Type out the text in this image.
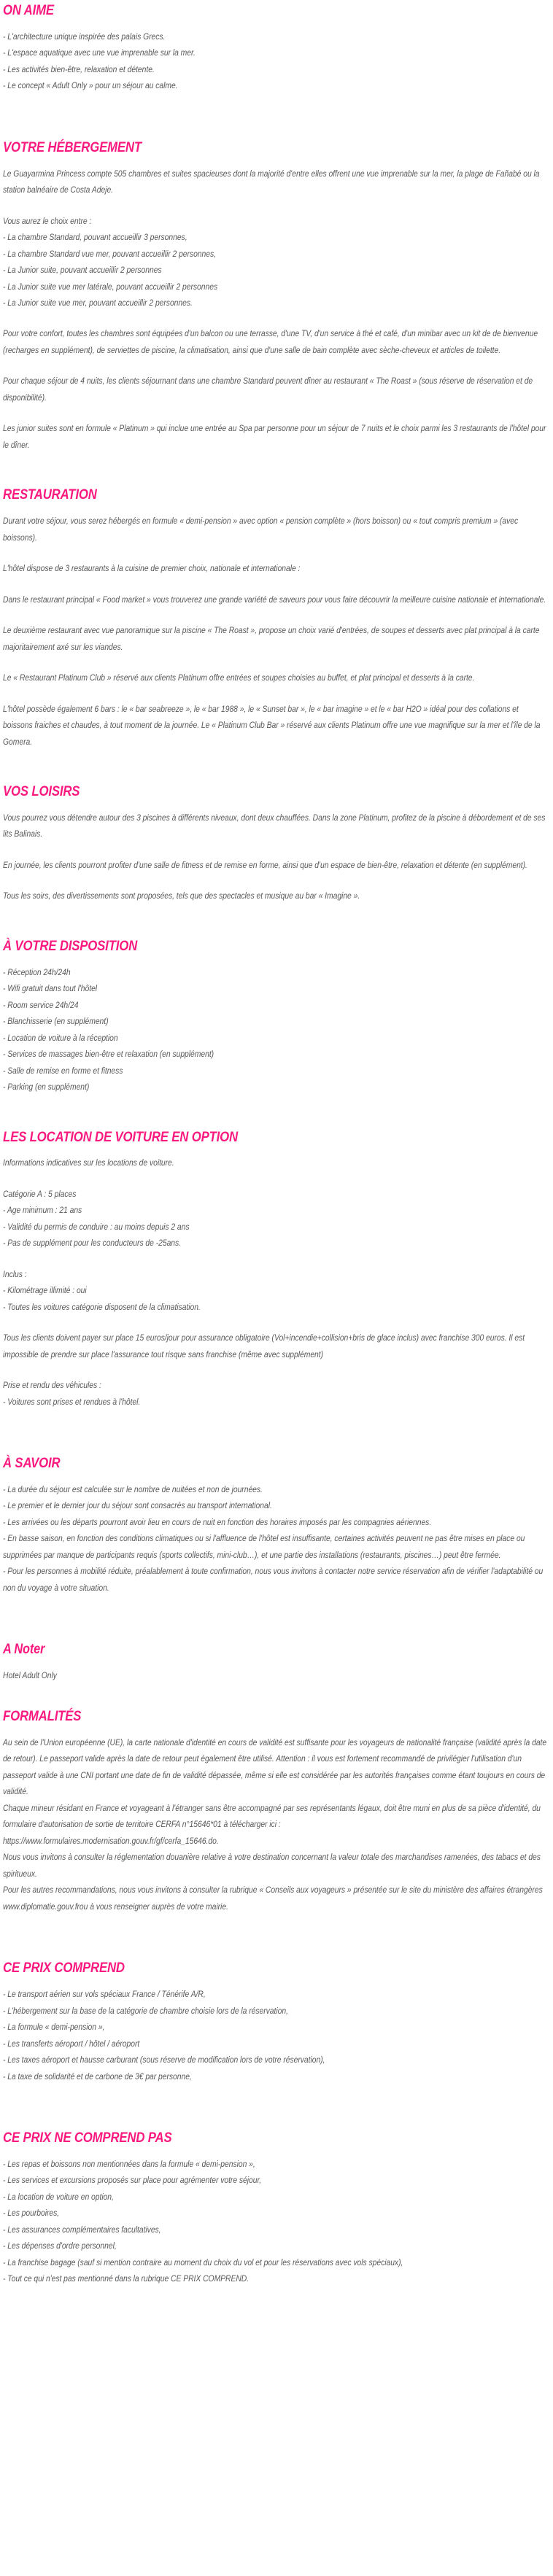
ON AIME
- L'architecture unique inspirée des palais Grecs.
- L'espace aquatique avec une vue imprenable sur la mer.
- Les activités bien-être, relaxation et détente.
- Le concept « Adult Only » pour un séjour au calme.
VOTRE HÉBERGEMENT

Le Guayarmina Princess compte 505 chambres et suites spacieuses dont la majorité d'entre elles offrent une vue imprenable sur la mer, la plage de Fañabé ou la station balnéaire de Costa Adeje.

Vous aurez le choix entre :

- La chambre Standard, pouvant accueillir 3 personnes,
- La chambre Standard vue mer, pouvant accueillir 2 personnes,
- La Junior suite, pouvant accueillir 2 personnes
- La Junior suite vue mer latérale, pouvant accueillir 2 personnes
- La Junior suite vue mer, pouvant accueillir 2 personnes.

Pour votre confort, toutes les chambres sont équipées d'un balcon ou une terrasse, d'une TV, d'un service à thé et café, d'un minibar avec un kit de de bienvenue (recharges en supplément), de serviettes de piscine, la climatisation, ainsi que d'une salle de bain complète avec sèche-cheveux et articles de toilette.

Pour chaque séjour de 4 nuits, les clients séjournant dans une chambre Standard peuvent dîner au restaurant « The Roast » (sous réserve de réservation et de disponibilité).

Les junior suites sont en formule « Platinum » qui inclue une entrée au Spa par personne pour un séjour de 7 nuits et le choix parmi les 3 restaurants de l'hôtel pour le dîner.

RESTAURATION

Durant votre séjour, vous serez hébergés en formule « demi-pension » avec option « pension complète » (hors boisson) ou « tout compris premium » (avec boissons).

L'hôtel dispose de 3 restaurants à la cuisine de premier choix, nationale et internationale :

Dans le restaurant principal « Food market » vous trouverez une grande variété de saveurs pour vous faire découvrir la meilleure cuisine nationale et internationale.

Le deuxième restaurant avec vue panoramique sur la piscine « The Roast », propose un choix varié d'entrées, de soupes et desserts avec plat principal à la carte majoritairement axé sur les viandes.

Le « Restaurant Platinum Club » réservé aux clients Platinum offre entrées et soupes choisies au buffet, et plat principal et desserts à la carte.

L'hôtel possède également 6 bars : le « bar seabreeze », le « bar 1988 », le « Sunset bar », le « bar imagine » et le « bar H2O » idéal pour des collations et boissons fraiches et chaudes, à tout moment de la journée. Le « Platinum Club Bar » réservé aux clients Platinum offre une vue magnifique sur la mer et l'île de la Gomera.

VOS LOISIRS

Vous pourrez vous détendre autour des 3 piscines à différents niveaux, dont deux chauffées. Dans la zone Platinum, profitez de la piscine à débordement et de ses lits Balinais.

En journée, les clients pourront profiter d'une salle de fitness et de remise en forme, ainsi que d'un espace de bien-être, relaxation et détente (en supplément).

Tous les soirs, des divertissements sont proposées, tels que des spectacles et musique au bar « Imagine ».

À VOTRE DISPOSITION
- Réception 24h/24h
- Wifi gratuit dans tout l'hôtel
- Room service 24h/24
- Blanchisserie (en supplément)
- Location de voiture à la réception
- Services de massages bien-être et relaxation (en supplément)
- Salle de remise en forme et fitness
- Parking (en supplément)
LES LOCATION DE VOITURE EN OPTION

Informations indicatives sur les locations de voiture.

Catégorie A : 5 places

- Age minimum : 21 ans
- Validité du permis de conduire : au moins depuis 2 ans
- Pas de supplément pour les conducteurs de -25ans.

Inclus :

- Kilométrage illimité : oui
- Toutes les voitures catégorie disposent de la climatisation.

Tous les clients doivent payer sur place 15 euros/jour pour assurance obligatoire (Vol+incendie+collision+bris de glace inclus) avec franchise 300 euros. Il est impossible de prendre sur place l'assurance tout risque sans franchise (même avec supplément)

Prise et rendu des véhicules :

- Voitures sont prises et rendues à l'hôtel.
À SAVOIR
- La durée du séjour est calculée sur le nombre de nuitées et non de journées.
- Le premier et le dernier jour du séjour sont consacrés au transport international.
- Les arrivées ou les départs pourront avoir lieu en cours de nuit en fonction des horaires imposés par les compagnies aériennes.
- En basse saison, en fonction des conditions climatiques ou si l'affluence de l'hôtel est insuffisante, certaines activités peuvent ne pas être mises en place ou supprimées par manque de participants requis (sports collectifs, mini-club…), et une partie des installations (restaurants, piscines…) peut être fermée.
- Pour les personnes à mobilité réduite, préalablement à toute confirmation, nous vous invitons à contacter notre service réservation afin de vérifier l'adaptabilité ou non du voyage à votre situation.
A Noter

Hotel Adult Only

FORMALITÉS

Au sein de l'Union européenne (UE), la carte nationale d'identité en cours de validité est suffisante pour les voyageurs de nationalité française (validité après la date de retour). Le passeport valide après la date de retour peut également être utilisé. Attention : il vous est fortement recommandé de privilégier l'utilisation d'un passeport valide à une CNI portant une date de fin de validité dépassée, même si elle est considérée par les autorités françaises comme étant toujours en cours de validité.

Chaque mineur résidant en France et voyageant à l'étranger sans être accompagné par ses représentants légaux, doit être muni en plus de sa pièce d'identité, du formulaire d'autorisation de sortie de territoire CERFA n°15646*01 à télécharger ici :

https://www.formulaires.modernisation.gouv.fr/gf/cerfa_15646.do.

Nous vous invitons à consulter la réglementation douanière relative à votre destination concernant la valeur totale des marchandises ramenées, des tabacs et des spiritueux.

Pour les autres recommandations, nous vous invitons à consulter la rubrique « Conseils aux voyageurs » présentée sur le site du ministère des affaires étrangères www.diplomatie.gouv.frou à vous renseigner auprès de votre mairie.

CE PRIX COMPREND
- Le transport aérien sur vols spéciaux France / Ténérife A/R,
- L'hébergement sur la base de la catégorie de chambre choisie lors de la réservation,
- La formule « demi-pension »,
- Les transferts aéroport / hôtel / aéroport
- Les taxes aéroport et hausse carburant (sous réserve de modification lors de votre réservation),
- La taxe de solidarité et de carbone de 3€ par personne,
CE PRIX NE COMPREND PAS
- Les repas et boissons non mentionnées dans la formule « demi-pension »,
- Les services et excursions proposés sur place pour agrémenter votre séjour,
- La location de voiture en option,
- Les pourboires,
- Les assurances complémentaires facultatives,
- Les dépenses d'ordre personnel,
- La franchise bagage (sauf si mention contraire au moment du choix du vol et pour les réservations avec vols spéciaux),
- Tout ce qui n'est pas mentionné dans la rubrique CE PRIX COMPREND.
